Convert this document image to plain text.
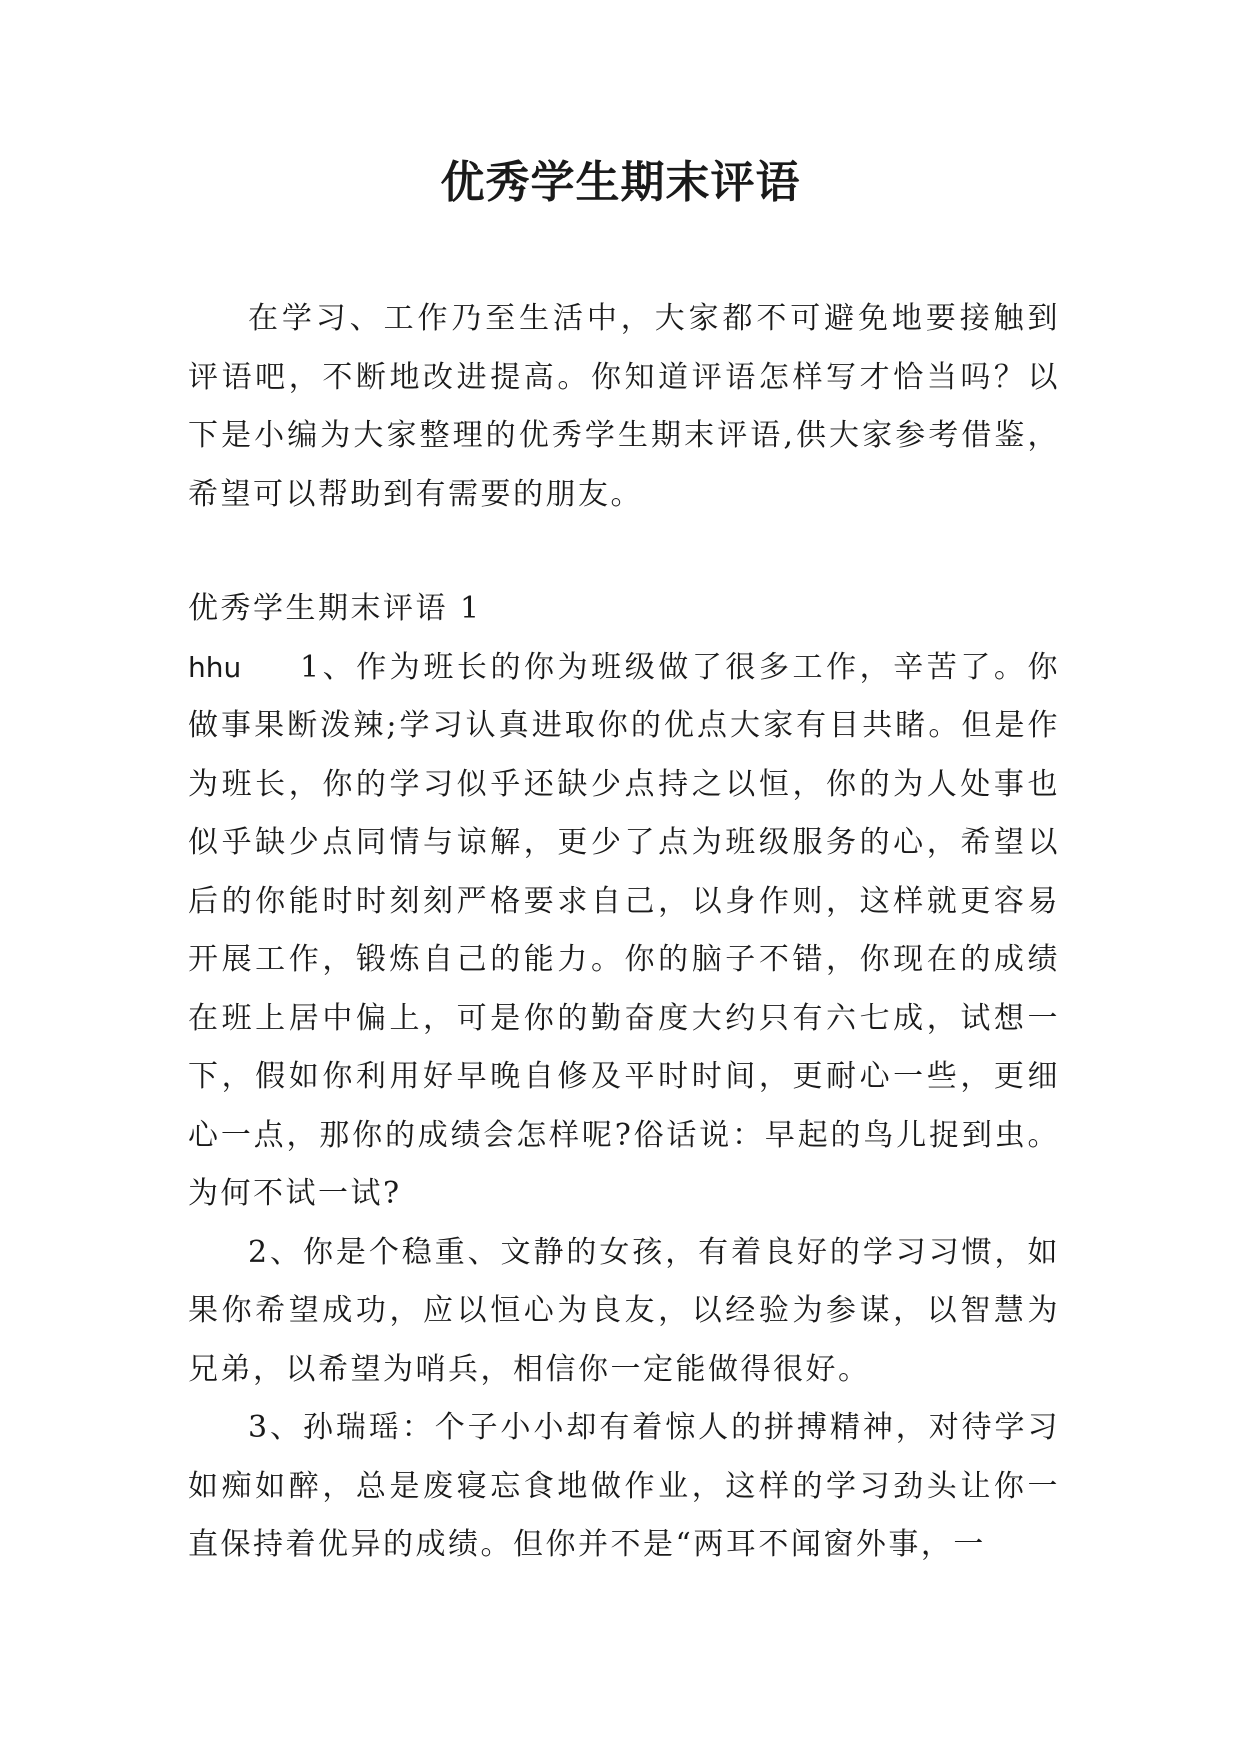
优秀学生期末评语

在学习、工作乃至生活中，大家都不可避免地要接触到评语吧，不断地改进提高。你知道评语怎样写才恰当吗？以下是小编为大家整理的优秀学生期末评语,供大家参考借鉴，希望可以帮助到有需要的朋友。

优秀学生期末评语 1

hhu 1、作为班长的你为班级做了很多工作，辛苦了。你做事果断泼辣;学习认真进取你的优点大家有目共睹。但是作为班长，你的学习似乎还缺少点持之以恒，你的为人处事也似乎缺少点同情与谅解，更少了点为班级服务的心，希望以后的你能时时刻刻严格要求自己，以身作则，这样就更容易开展工作，锻炼自己的能力。你的脑子不错，你现在的成绩在班上居中偏上，可是你的勤奋度大约只有六七成，试想一下，假如你利用好早晚自修及平时时间，更耐心一些，更细心一点，那你的成绩会怎样呢?俗话说：早起的鸟儿捉到虫。为何不试一试?

2、你是个稳重、文静的女孩，有着良好的学习习惯，如果你希望成功，应以恒心为良友，以经验为参谋，以智慧为兄弟，以希望为哨兵，相信你一定能做得很好。

3、孙瑞瑶：个子小小却有着惊人的拼搏精神，对待学习如痴如醉，总是废寝忘食地做作业，这样的学习劲头让你一直保持着优异的成绩。但你并不是“两耳不闻窗外事，一
